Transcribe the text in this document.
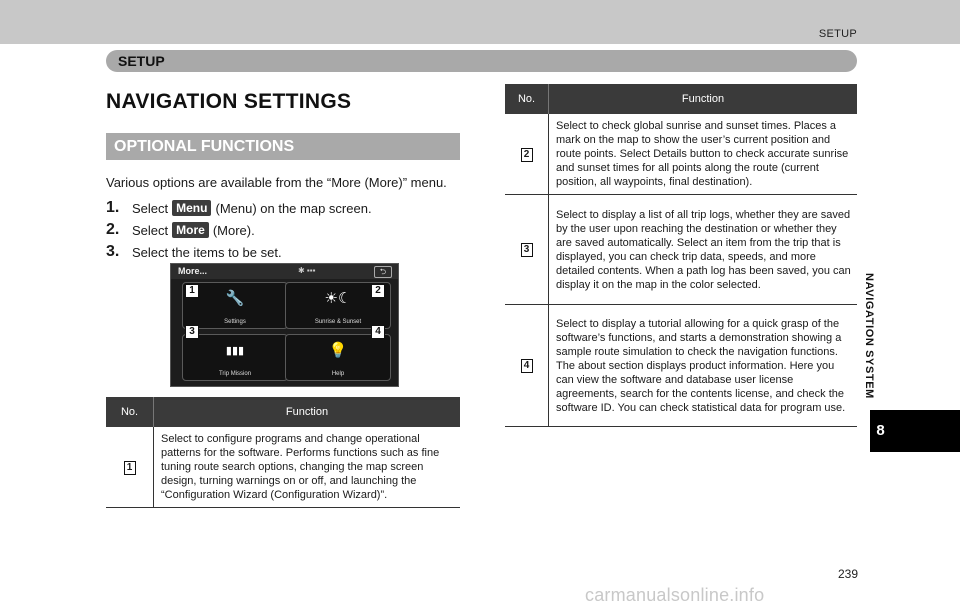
SETUP
SETUP
NAVIGATION SETTINGS
OPTIONAL FUNCTIONS
Various options are available from the “More (More)” menu.
1. Select Menu (Menu) on the map screen.
2. Select More (More).
3. Select the items to be set.
More...	✱ ▪▪▪	⮌
🔧
Settings
☀☾
Sunrise & Sunset
▮▮▮
Trip Mission
💡
Help
1	2
3	4
No.	Function
1	Select to configure programs and change operational patterns for the software. Performs functions such as fine tuning route search options, changing the map screen design, turning warnings on or off, and launching the “Configuration Wizard (Configuration Wizard)”.
No.	Function
2	Select to check global sunrise and sunset times. Places a mark on the map to show the user’s current position and route points. Select Details button to check accurate sunrise and sunset times for all points along the route (current position, all waypoints, final destination).
3	Select to display a list of all trip logs, whether they are saved by the user upon reaching the destination or whether they are saved automatically. Select an item from the trip that is displayed, you can check trip data, speeds, and more detailed contents. When a path log has been saved, you can display it on the map in the color selected.
4	Select to display a tutorial allowing for a quick grasp of the software’s functions, and starts a demonstration showing a sample route simulation to check the navigation functions. The about section displays product information. Here you can view the software and database user license agreements, search for the contents license, and check the software ID. You can check statistical data for program use.
NAVIGATION SYSTEM
8
239
carmanualsonline.info
